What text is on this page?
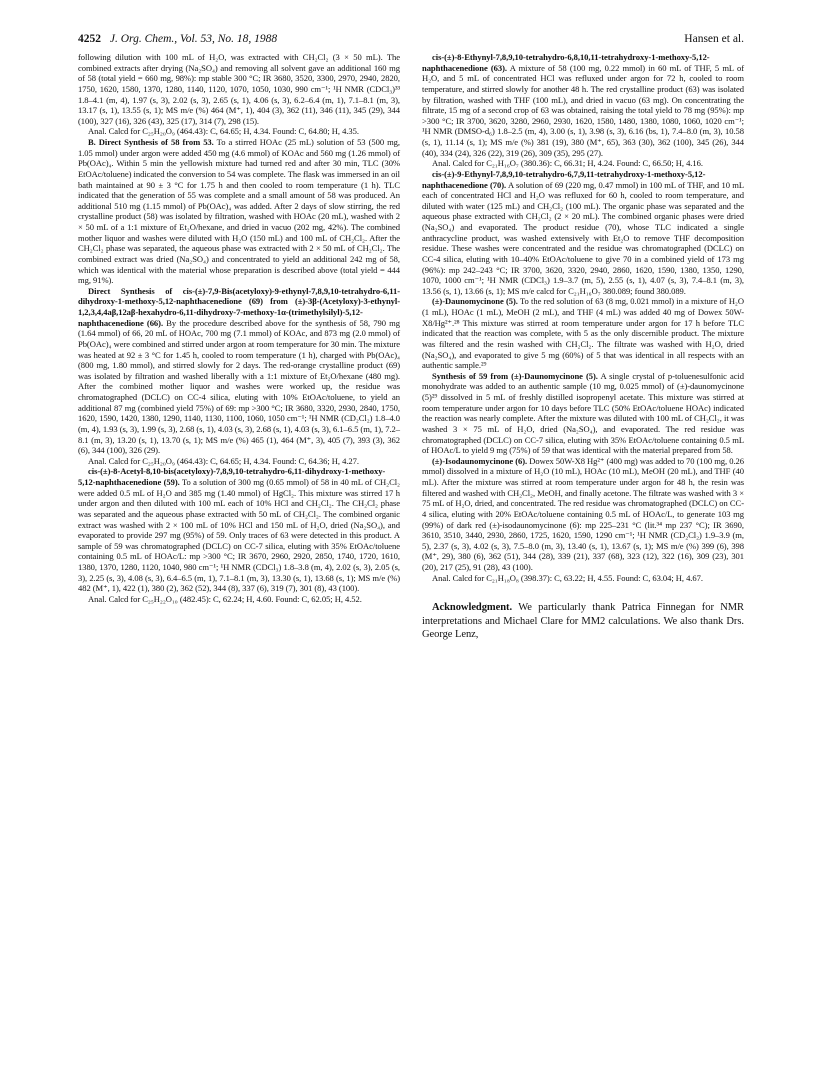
4252 J. Org. Chem., Vol. 53, No. 18, 1988	Hansen et al.

following dilution with 100 mL of H₂O, was extracted with CH₂Cl₂ (3 × 50 mL). The combined extracts after drying (Na₂SO₄) and removing all solvent gave an additional 160 mg of 58 (total yield = 660 mg, 98%): mp stable 300 °C; IR 3680, 3520, 3300, 2970, 2940, 2820, 1750, 1620, 1580, 1370, 1280, 1140, 1120, 1070, 1050, 1030, 990 cm⁻¹; ¹H NMR (CDCl₃)³³ 1.8–4.1 (m, 4), 1.97 (s, 3), 2.02 (s, 3), 2.65 (s, 1), 4.06 (s, 3), 6.2–6.4 (m, 1), 7.1–8.1 (m, 3), 13.17 (s, 1), 13.55 (s, 1); MS m/e (%) 464 (M⁺, 1), 404 (3), 362 (11), 346 (11), 345 (29), 344 (100), 327 (16), 326 (43), 325 (17), 314 (7), 298 (15).

Anal. Calcd for C₂₅H₂₀O₉ (464.43): C, 64.65; H, 4.34. Found: C, 64.80; H, 4.35.

B. Direct Synthesis of 58 from 53. To a stirred HOAc (25 mL) solution of 53 (500 mg, 1.05 mmol) under argon were added 450 mg (4.6 mmol) of KOAc and 560 mg (1.26 mmol) of Pb(OAc)₄. Within 5 min the yellowish mixture had turned red and after 30 min, TLC (30% EtOAc/toluene) indicated the conversion to 54 was complete. The flask was immersed in an oil bath maintained at 90 ± 3 °C for 1.75 h and then cooled to room temperature (1 h). TLC indicated that the generation of 55 was complete and a small amount of 58 was produced. An additional 510 mg (1.15 mmol) of Pb(OAc)₄ was added. After 2 days of slow stirring, the red crystalline product (58) was isolated by filtration, washed with HOAc (20 mL), washed with 2 × 50 mL of a 1:1 mixture of Et₂O/hexane, and dried in vacuo (202 mg, 42%). The combined mother liquor and washes were diluted with H₂O (150 mL) and 100 mL of CH₂Cl₂. After the CH₂Cl₂ phase was separated, the aqueous phase was extracted with 2 × 50 mL of CH₂Cl₂. The combined extract was dried (Na₂SO₄) and concentrated to yield an additional 242 mg of 58, which was identical with the material whose preparation is described above (total yield = 444 mg, 91%).

Direct Synthesis of cis-(±)-7,9-Bis(acetyloxy)-9-ethynyl-7,8,9,10-tetrahydro-6,11-dihydroxy-1-methoxy-5,12-naphthacenedione (69) from (±)-3β-(Acetyloxy)-3-ethynyl-1,2,3,4,4aβ,12aβ-hexahydro-6,11-dihydroxy-7-methoxy-1α-(trimethylsilyl)-5,12-naphthacenedione (66). By the procedure described above for the synthesis of 58, 790 mg (1.64 mmol) of 66, 20 mL of HOAc, 700 mg (7.1 mmol) of KOAc, and 873 mg (2.0 mmol) of Pb(OAc)₄ were combined and stirred under argon at room temperature for 30 min. The mixture was heated at 92 ± 3 °C for 1.45 h, cooled to room temperature (1 h), charged with Pb(OAc)₄ (800 mg, 1.80 mmol), and stirred slowly for 2 days. The red-orange crystalline product (69) was isolated by filtration and washed liberally with a 1:1 mixture of Et₂O/hexane (480 mg). After the combined mother liquor and washes were worked up, the residue was chromatographed (DCLC) on CC-4 silica, eluting with 10% EtOAc/toluene, to yield an additional 87 mg (combined yield 75%) of 69: mp >300 °C; IR 3680, 3320, 2930, 2840, 1750, 1620, 1590, 1420, 1380, 1290, 1140, 1130, 1100, 1060, 1050 cm⁻¹; ¹H NMR (CD₂Cl₂) 1.8–4.0 (m, 4), 1.93 (s, 3), 1.99 (s, 3), 2.68 (s, 1), 4.03 (s, 3), 2.68 (s, 1), 4.03 (s, 3), 6.1–6.5 (m, 1), 7.2–8.1 (m, 3), 13.20 (s, 1), 13.70 (s, 1); MS m/e (%) 465 (1), 464 (M⁺, 3), 405 (7), 393 (3), 362 (6), 344 (100), 326 (29).

Anal. Calcd for C₂₅H₂₀O₉ (464.43): C, 64.65; H, 4.34. Found: C, 64.36; H, 4.27.

cis-(±)-8-Acetyl-8,10-bis(acetyloxy)-7,8,9,10-tetrahydro-6,11-dihydroxy-1-methoxy-5,12-naphthacenedione (59). To a solution of 300 mg (0.65 mmol) of 58 in 40 mL of CH₂Cl₂ were added 0.5 mL of H₂O and 385 mg (1.40 mmol) of HgCl₂. This mixture was stirred 17 h under argon and then diluted with 100 mL each of 10% HCl and CH₂Cl₂. The CH₂Cl₂ phase was separated and the aqueous phase extracted with 50 mL of CH₂Cl₂. The combined organic extract was washed with 2 × 100 mL of 10% HCl and 150 mL of H₂O, dried (Na₂SO₄), and evaporated to provide 297 mg (95%) of 59. Only traces of 63 were detected in this product. A sample of 59 was chromatographed (DCLC) on CC-7 silica, eluting with 35% EtOAc/toluene containing 0.5 mL of HOAc/L: mp >300 °C; IR 3670, 2960, 2920, 2850, 1740, 1720, 1610, 1380, 1370, 1280, 1120, 1040, 980 cm⁻¹; ¹H NMR (CDCl₃) 1.8–3.8 (m, 4), 2.02 (s, 3), 2.05 (s, 3), 2.25 (s, 3), 4.08 (s, 3), 6.4–6.5 (m, 1), 7.1–8.1 (m, 3), 13.30 (s, 1), 13.68 (s, 1); MS m/e (%) 482 (M⁺, 1), 422 (1), 380 (2), 362 (52), 344 (8), 337 (6), 319 (7), 301 (8), 43 (100).

Anal. Calcd for C₂₅H₂₂O₁₀ (482.45): C, 62.24; H, 4.60. Found: C, 62.05; H, 4.52.

cis-(±)-8-Ethynyl-7,8,9,10-tetrahydro-6,8,10,11-tetrahydroxy-1-methoxy-5,12-naphthacenedione (63). A mixture of 58 (100 mg, 0.22 mmol) in 60 mL of THF, 5 mL of H₂O, and 5 mL of concentrated HCl was refluxed under argon for 72 h, cooled to room temperature, and stirred slowly for another 48 h. The red crystalline product (63) was isolated by filtration, washed with THF (100 mL), and dried in vacuo (63 mg). On concentrating the filtrate, 15 mg of a second crop of 63 was obtained, raising the total yield to 78 mg (95%): mp >300 °C; IR 3700, 3620, 3280, 2960, 2930, 1620, 1580, 1480, 1380, 1080, 1060, 1020 cm⁻¹; ¹H NMR (DMSO-d₆) 1.8–2.5 (m, 4), 3.00 (s, 1), 3.98 (s, 3), 6.16 (bs, 1), 7.4–8.0 (m, 3), 10.58 (s, 1), 11.14 (s, 1); MS m/e (%) 381 (19), 380 (M⁺, 65), 363 (30), 362 (100), 345 (26), 344 (40), 334 (24), 326 (22), 319 (26), 309 (35), 295 (27).

Anal. Calcd for C₂₁H₁₆O₇ (380.36): C, 66.31; H, 4.24. Found: C, 66.50; H, 4.16.

cis-(±)-9-Ethynyl-7,8,9,10-tetrahydro-6,7,9,11-tetrahydroxy-1-methoxy-5,12-naphthacenedione (70). A solution of 69 (220 mg, 0.47 mmol) in 100 mL of THF, and 10 mL each of concentrated HCl and H₂O was refluxed for 60 h, cooled to room temperature, and diluted with water (125 mL) and CH₂Cl₂ (100 mL). The organic phase was separated and the aqueous phase extracted with CH₂Cl₂ (2 × 20 mL). The combined organic phases were dried (Na₂SO₄) and evaporated. The product residue (70), whose TLC indicated a single anthracycline product, was washed extensively with Et₂O to remove THF decomposition residue. These washes were concentrated and the residue was chromatographed (DCLC) on CC-4 silica, eluting with 10–40% EtOAc/toluene to give 70 in a combined yield of 173 mg (96%): mp 242–243 °C; IR 3700, 3620, 3320, 2940, 2860, 1620, 1590, 1380, 1350, 1290, 1070, 1000 cm⁻¹; ¹H NMR (CDCl₃) 1.9–3.7 (m, 5), 2.55 (s, 1), 4.07 (s, 3), 7.4–8.1 (m, 3), 13.56 (s, 1), 13.66 (s, 1); MS m/e calcd for C₂₁H₁₆O₇ 380.089; found 380.089.

(±)-Daunomycinone (5). To the red solution of 63 (8 mg, 0.021 mmol) in a mixture of H₂O (1 mL), HOAc (1 mL), MeOH (2 mL), and THF (4 mL) was added 40 mg of Dowex 50W-X8/Hg²⁺.²⁸ This mixture was stirred at room temperature under argon for 17 h before TLC indicated that the reaction was complete, with 5 as the only discernible product. The mixture was filtered and the resin washed with CH₂Cl₂. The filtrate was washed with H₂O, dried (Na₂SO₄), and evaporated to give 5 mg (60%) of 5 that was identical in all respects with an authentic sample.²⁹

Synthesis of 59 from (±)-Daunomycinone (5). A single crystal of p-toluenesulfonic acid monohydrate was added to an authentic sample (10 mg, 0.025 mmol) of (±)-daunomycinone (5)²⁹ dissolved in 5 mL of freshly distilled isopropenyl acetate. This mixture was stirred at room temperature under argon for 10 days before TLC (50% EtOAc/toluene HOAc) indicated the reaction was nearly complete. After the mixture was diluted with 100 mL of CH₂Cl₂, it was washed 3 × 75 mL of H₂O, dried (Na₂SO₄), and evaporated. The red residue was chromatographed (DCLC) on CC-7 silica, eluting with 35% EtOAc/toluene containing 0.5 mL of HOAc/L to yield 9 mg (75%) of 59 that was identical with the material prepared from 58.

(±)-Isodaunomycinone (6). Dowex 50W-X8 Hg²⁺ (400 mg) was added to 70 (100 mg, 0.26 mmol) dissolved in a mixture of H₂O (10 mL), HOAc (10 mL), MeOH (20 mL), and THF (40 mL). After the mixture was stirred at room temperature under argon for 48 h, the resin was filtered and washed with CH₂Cl₂, MeOH, and finally acetone. The filtrate was washed with 3 × 75 mL of H₂O, dried, and concentrated. The red residue was chromatographed (DCLC) on CC-4 silica, eluting with 20% EtOAc/toluene containing 0.5 mL of HOAc/L, to generate 103 mg (99%) of dark red (±)-isodaunomycinone (6): mp 225–231 °C (lit.³⁴ mp 237 °C); IR 3690, 3610, 3510, 3440, 2930, 2860, 1725, 1620, 1590, 1290 cm⁻¹; ¹H NMR (CD₂Cl₂) 1.9–3.9 (m, 5), 2.37 (s, 3), 4.02 (s, 3), 7.5–8.0 (m, 3), 13.40 (s, 1), 13.67 (s, 1); MS m/e (%) 399 (6), 398 (M⁺, 29), 380 (6), 362 (51), 344 (28), 339 (21), 337 (68), 323 (12), 322 (16), 309 (23), 301 (20), 217 (25), 91 (28), 43 (100).

Anal. Calcd for C₂₁H₁₈O₈ (398.37): C, 63.22; H, 4.55. Found: C, 63.04; H, 4.67.

Acknowledgment. We particularly thank Patrica Finnegan for NMR interpretations and Michael Clare for MM2 calculations. We also thank Drs. George Lenz,
